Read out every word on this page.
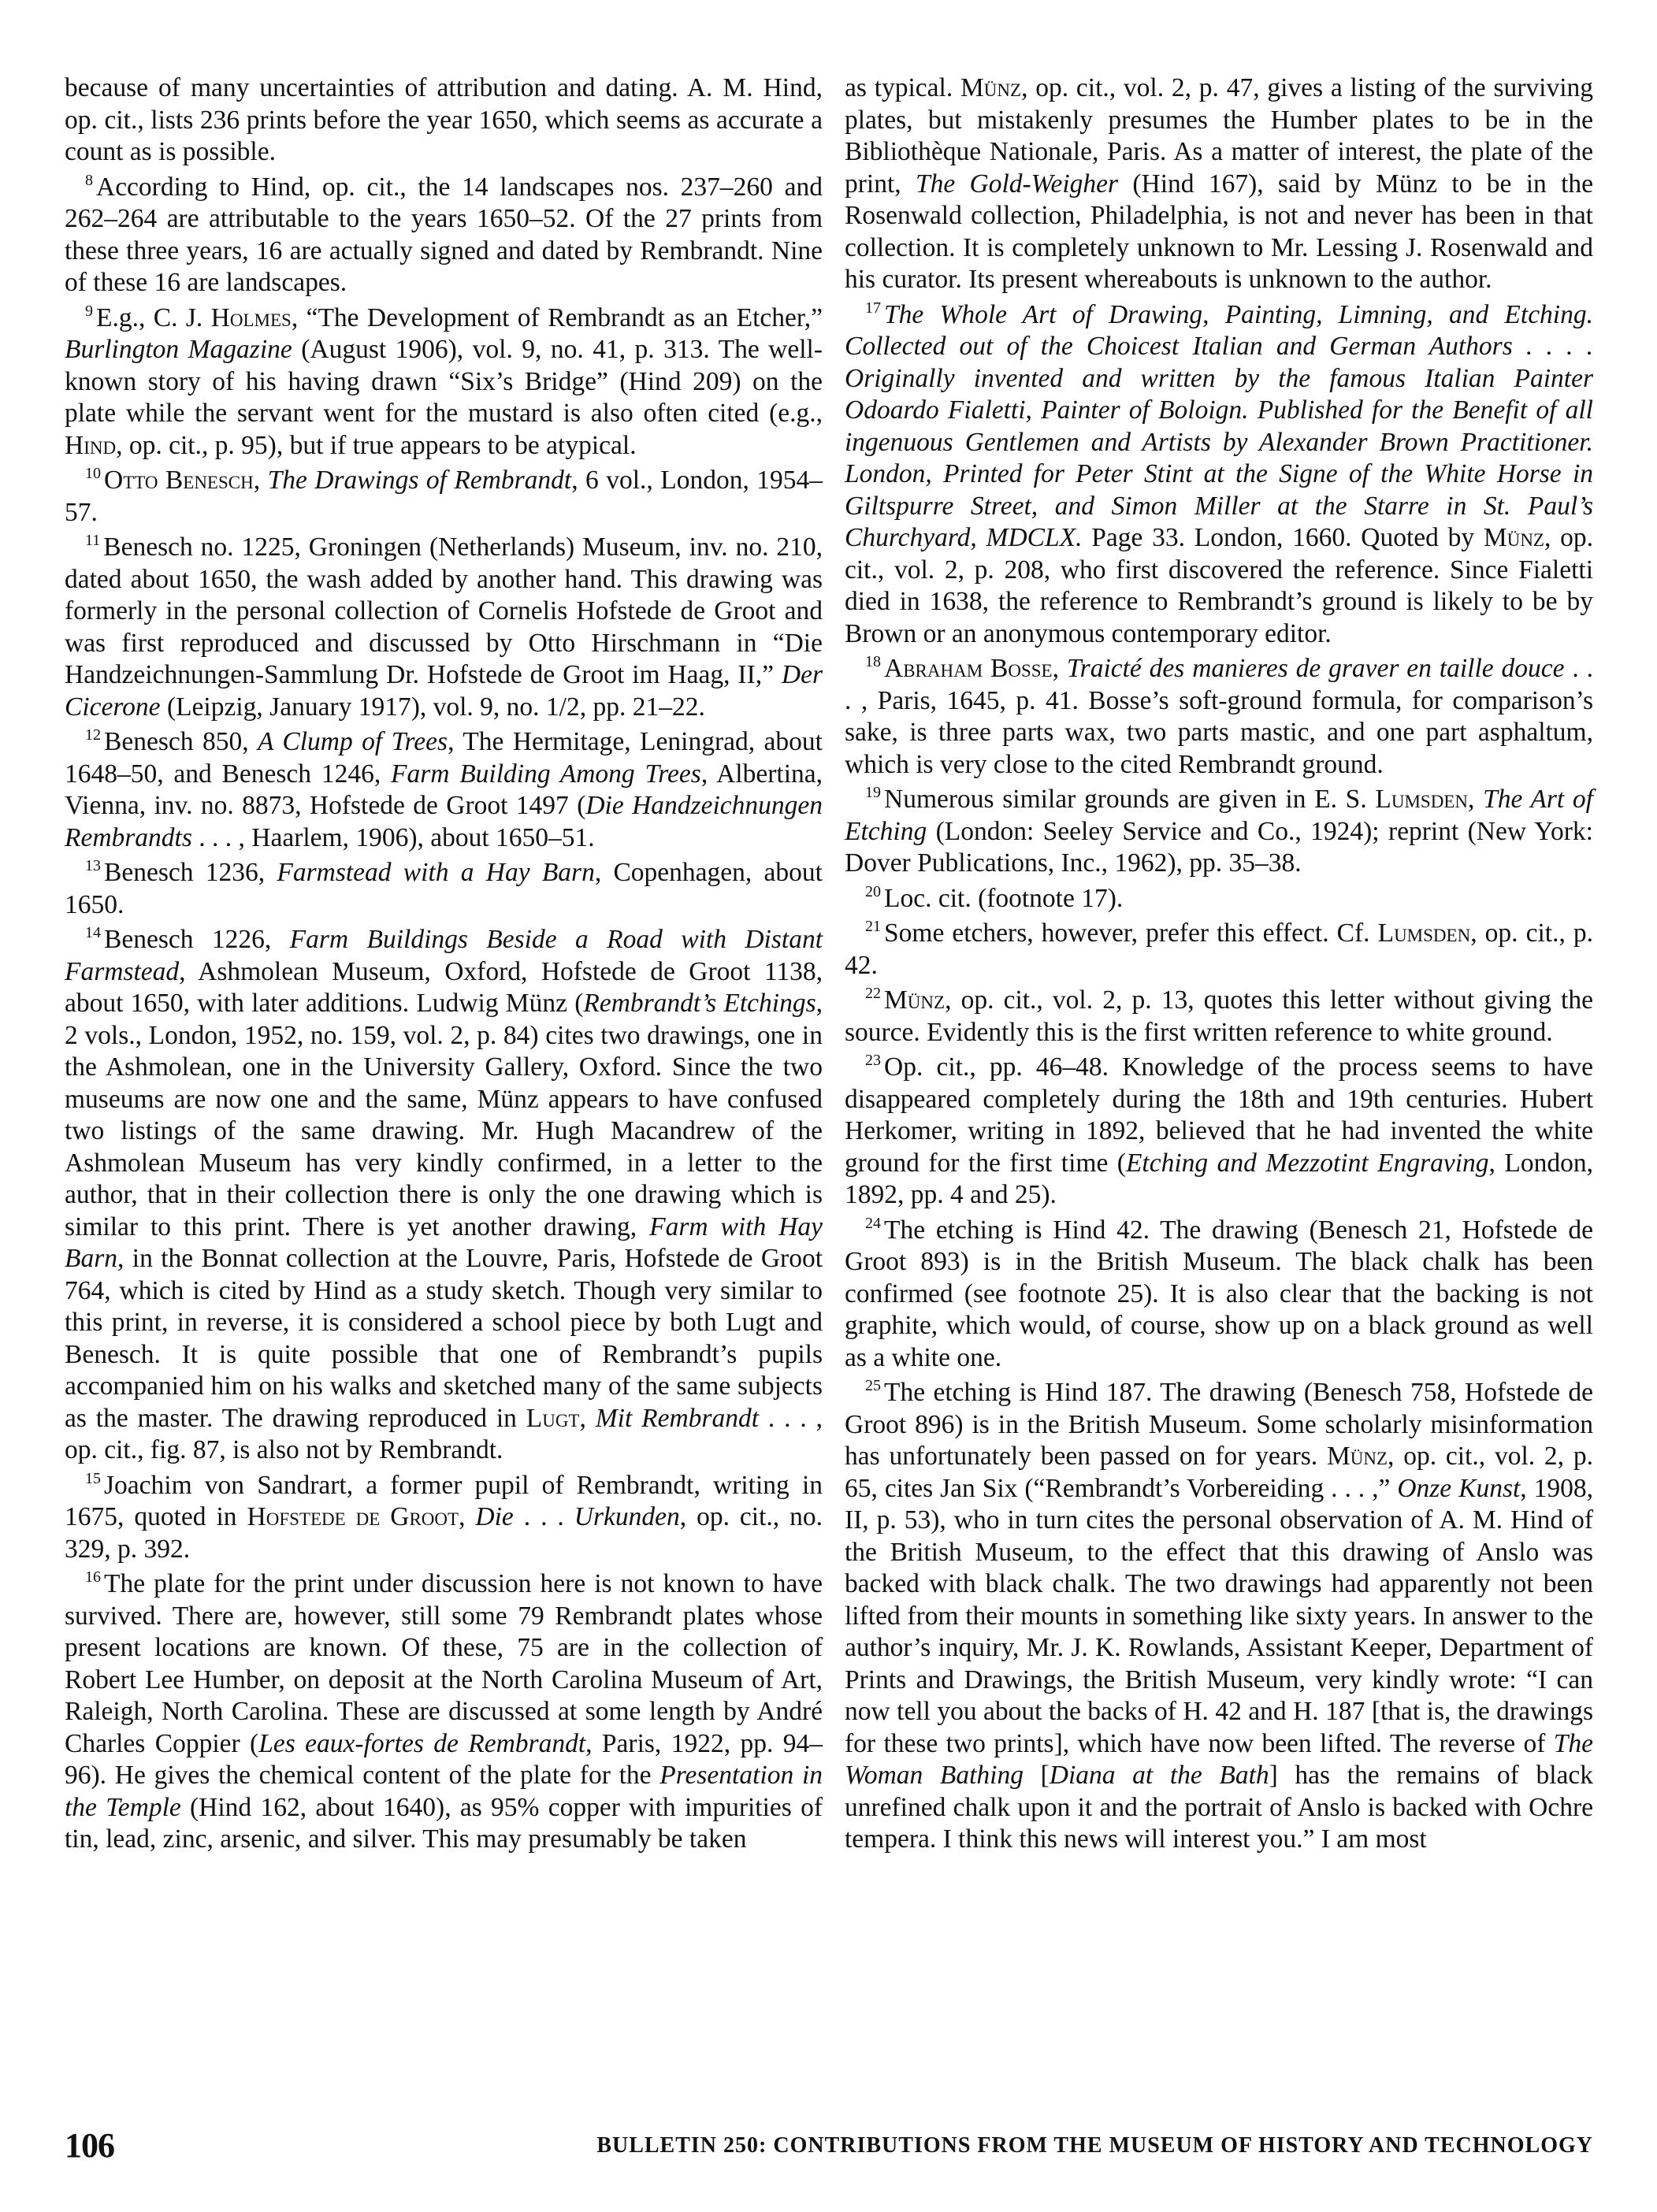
because of many uncertainties of attribution and dating. A. M. Hind, op. cit., lists 236 prints before the year 1650, which seems as accurate a count as is possible.

$^8$ According to Hind, op. cit., the 14 landscapes nos. 237–260 and 262–264 are attributable to the years 1650–52. Of the 27 prints from these three years, 16 are actually signed and dated by Rembrandt. Nine of these 16 are landscapes.

$^9$ E.g., C. J. Holmes, “The Development of Rembrandt as an Etcher,” Burlington Magazine (August 1906), vol. 9, no. 41, p. 313. The well-known story of his having drawn “Six’s Bridge” (Hind 209) on the plate while the servant went for the mustard is also often cited (e.g., Hind, op. cit., p. 95), but if true appears to be atypical.

$^{10}$ Otto Benesch, The Drawings of Rembrandt, 6 vol., London, 1954–57.

$^{11}$ Benesch no. 1225, Groningen (Netherlands) Museum, inv. no. 210, dated about 1650, the wash added by another hand. This drawing was formerly in the personal collection of Cornelis Hofstede de Groot and was first reproduced and discussed by Otto Hirschmann in “Die Handzeichnungen-Sammlung Dr. Hofstede de Groot im Haag, II,” Der Cicerone (Leipzig, January 1917), vol. 9, no. 1/2, pp. 21–22.

$^{12}$ Benesch 850, A Clump of Trees, The Hermitage, Leningrad, about 1648–50, and Benesch 1246, Farm Building Among Trees, Albertina, Vienna, inv. no. 8873, Hofstede de Groot 1497 (Die Handzeichnungen Rembrandts . . . , Haarlem, 1906), about 1650–51.

$^{13}$ Benesch 1236, Farmstead with a Hay Barn, Copenhagen, about 1650.

$^{14}$ Benesch 1226, Farm Buildings Beside a Road with Distant Farmstead, Ashmolean Museum, Oxford, Hofstede de Groot 1138, about 1650, with later additions. Ludwig Münz (Rembrandt’s Etchings, 2 vols., London, 1952, no. 159, vol. 2, p. 84) cites two drawings, one in the Ashmolean, one in the University Gallery, Oxford. Since the two museums are now one and the same, Münz appears to have confused two listings of the same drawing. Mr. Hugh Macandrew of the Ashmolean Museum has very kindly confirmed, in a letter to the author, that in their collection there is only the one drawing which is similar to this print. There is yet another drawing, Farm with Hay Barn, in the Bonnat collection at the Louvre, Paris, Hofstede de Groot 764, which is cited by Hind as a study sketch. Though very similar to this print, in reverse, it is considered a school piece by both Lugt and Benesch. It is quite possible that one of Rembrandt’s pupils accompanied him on his walks and sketched many of the same subjects as the master. The drawing reproduced in Lugt, Mit Rembrandt . . . , op. cit., fig. 87, is also not by Rembrandt.

$^{15}$ Joachim von Sandrart, a former pupil of Rembrandt, writing in 1675, quoted in Hofstede de Groot, Die . . . Urkunden, op. cit., no. 329, p. 392.

$^{16}$ The plate for the print under discussion here is not known to have survived. There are, however, still some 79 Rembrandt plates whose present locations are known. Of these, 75 are in the collection of Robert Lee Humber, on deposit at the North Carolina Museum of Art, Raleigh, North Carolina. These are discussed at some length by André Charles Coppier (Les eaux-fortes de Rembrandt, Paris, 1922, pp. 94–96). He gives the chemical content of the plate for the Presentation in the Temple (Hind 162, about 1640), as 95% copper with impurities of tin, lead, zinc, arsenic, and silver. This may presumably be taken

as typical. Münz, op. cit., vol. 2, p. 47, gives a listing of the surviving plates, but mistakenly presumes the Humber plates to be in the Bibliothèque Nationale, Paris. As a matter of interest, the plate of the print, The Gold-Weigher (Hind 167), said by Münz to be in the Rosenwald collection, Philadelphia, is not and never has been in that collection. It is completely unknown to Mr. Lessing J. Rosenwald and his curator. Its present whereabouts is unknown to the author.

$^{17}$ The Whole Art of Drawing, Painting, Limning, and Etching. Collected out of the Choicest Italian and German Authors . . . . Originally invented and written by the famous Italian Painter Odoardo Fialetti, Painter of Boloign. Published for the Benefit of all ingenuous Gentlemen and Artists by Alexander Brown Practitioner. London, Printed for Peter Stint at the Signe of the White Horse in Giltspurre Street, and Simon Miller at the Starre in St. Paul’s Churchyard, MDCLX. Page 33. London, 1660. Quoted by Münz, op. cit., vol. 2, p. 208, who first discovered the reference. Since Fialetti died in 1638, the reference to Rembrandt’s ground is likely to be by Brown or an anonymous contemporary editor.

$^{18}$ Abraham Bosse, Traicté des manieres de graver en taille douce . . . , Paris, 1645, p. 41. Bosse’s soft-ground formula, for comparison’s sake, is three parts wax, two parts mastic, and one part asphaltum, which is very close to the cited Rembrandt ground.

$^{19}$ Numerous similar grounds are given in E. S. Lumsden, The Art of Etching (London: Seeley Service and Co., 1924); reprint (New York: Dover Publications, Inc., 1962), pp. 35–38.

$^{20}$ Loc. cit. (footnote 17).

$^{21}$ Some etchers, however, prefer this effect. Cf. Lumsden, op. cit., p. 42.

$^{22}$ Münz, op. cit., vol. 2, p. 13, quotes this letter without giving the source. Evidently this is the first written reference to white ground.

$^{23}$ Op. cit., pp. 46–48. Knowledge of the process seems to have disappeared completely during the 18th and 19th centuries. Hubert Herkomer, writing in 1892, believed that he had invented the white ground for the first time (Etching and Mezzotint Engraving, London, 1892, pp. 4 and 25).

$^{24}$ The etching is Hind 42. The drawing (Benesch 21, Hofstede de Groot 893) is in the British Museum. The black chalk has been confirmed (see footnote 25). It is also clear that the backing is not graphite, which would, of course, show up on a black ground as well as a white one.

$^{25}$ The etching is Hind 187. The drawing (Benesch 758, Hofstede de Groot 896) is in the British Museum. Some scholarly misinformation has unfortunately been passed on for years. Münz, op. cit., vol. 2, p. 65, cites Jan Six (“Rembrandt’s Vorbereiding . . . ,” Onze Kunst, 1908, II, p. 53), who in turn cites the personal observation of A. M. Hind of the British Museum, to the effect that this drawing of Anslo was backed with black chalk. The two drawings had apparently not been lifted from their mounts in something like sixty years. In answer to the author’s inquiry, Mr. J. K. Rowlands, Assistant Keeper, Department of Prints and Drawings, the British Museum, very kindly wrote: “I can now tell you about the backs of H. 42 and H. 187 [that is, the drawings for these two prints], which have now been lifted. The reverse of The Woman Bathing [Diana at the Bath] has the remains of black unrefined chalk upon it and the portrait of Anslo is backed with Ochre tempera. I think this news will interest you.” I am most

106	BULLETIN 250: CONTRIBUTIONS FROM THE MUSEUM OF HISTORY AND TECHNOLOGY
